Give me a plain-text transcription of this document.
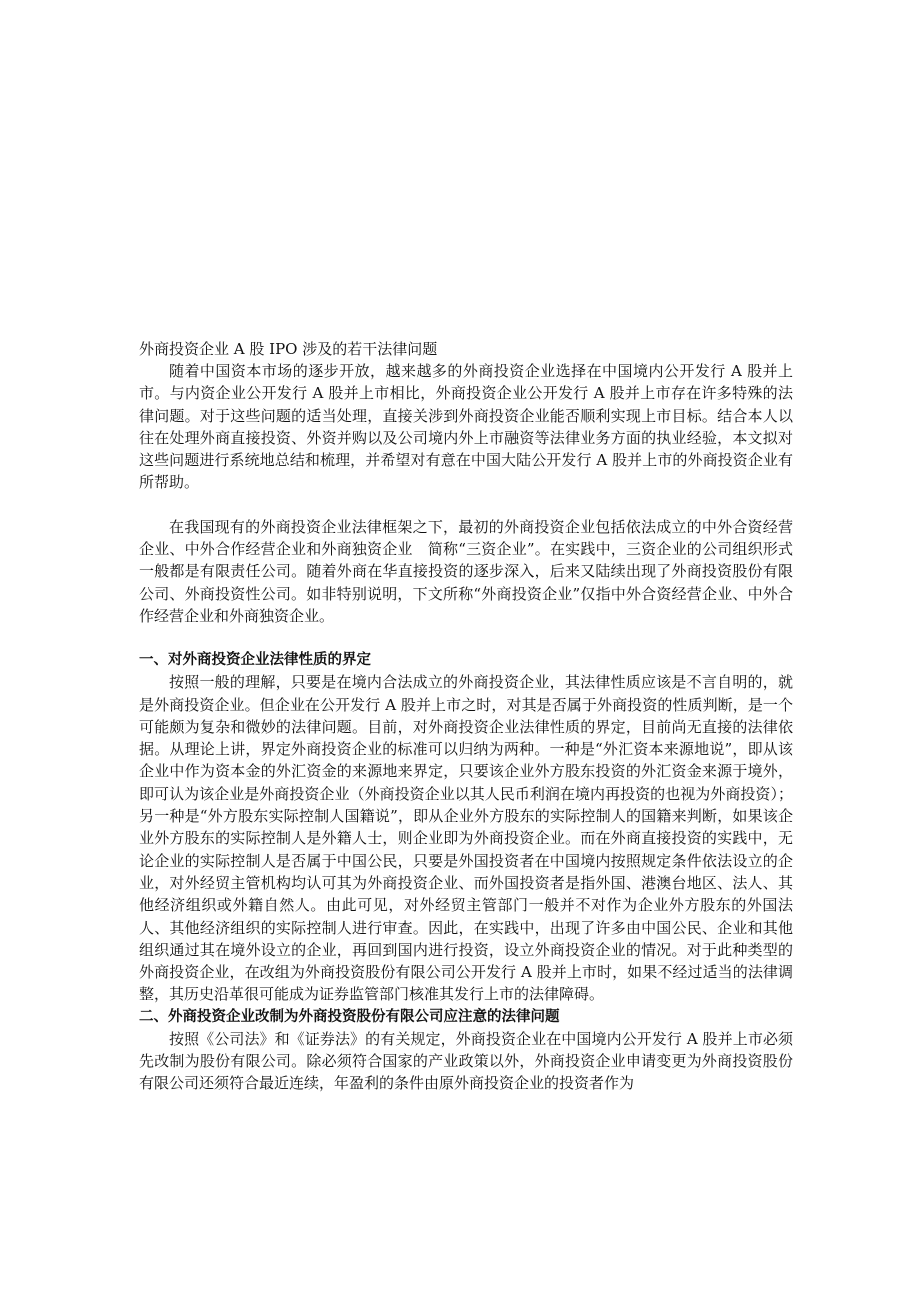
外商投资企业 A 股 IPO 涉及的若干法律问题

随着中国资本市场的逐步开放，越来越多的外商投资企业选择在中国境内公开发行 A 股并上市。与内资企业公开发行 A 股并上市相比，外商投资企业公开发行 A 股并上市存在许多特殊的法律问题。对于这些问题的适当处理，直接关涉到外商投资企业能否顺利实现上市目标。结合本人以往在处理外商直接投资、外资并购以及公司境内外上市融资等法律业务方面的执业经验，本文拟对这些问题进行系统地总结和梳理，并希望对有意在中国大陆公开发行 A 股并上市的外商投资企业有所帮助。

在我国现有的外商投资企业法律框架之下，最初的外商投资企业包括依法成立的中外合资经营企业、中外合作经营企业和外商独资企业　简称“三资企业”。在实践中，三资企业的公司组织形式一般都是有限责任公司。随着外商在华直接投资的逐步深入，后来又陆续出现了外商投资股份有限公司、外商投资性公司。如非特别说明，下文所称“外商投资企业”仅指中外合资经营企业、中外合作经营企业和外商独资企业。

一、对外商投资企业法律性质的界定

按照一般的理解，只要是在境内合法成立的外商投资企业，其法律性质应该是不言自明的，就是外商投资企业。但企业在公开发行 A 股并上市之时，对其是否属于外商投资的性质判断，是一个可能颇为复杂和微妙的法律问题。目前，对外商投资企业法律性质的界定，目前尚无直接的法律依据。从理论上讲，界定外商投资企业的标准可以归纳为两种。一种是“外汇资本来源地说”，即从该企业中作为资本金的外汇资金的来源地来界定，只要该企业外方股东投资的外汇资金来源于境外，即可认为该企业是外商投资企业（外商投资企业以其人民币利润在境内再投资的也视为外商投资）；另一种是“外方股东实际控制人国籍说”，即从企业外方股东的实际控制人的国籍来判断，如果该企业外方股东的实际控制人是外籍人士，则企业即为外商投资企业。而在外商直接投资的实践中，无论企业的实际控制人是否属于中国公民，只要是外国投资者在中国境内按照规定条件依法设立的企业，对外经贸主管机构均认可其为外商投资企业、而外国投资者是指外国、港澳台地区、法人、其他经济组织或外籍自然人。由此可见，对外经贸主管部门一般并不对作为企业外方股东的外国法人、其他经济组织的实际控制人进行审查。因此，在实践中，出现了许多由中国公民、企业和其他组织通过其在境外设立的企业，再回到国内进行投资，设立外商投资企业的情况。对于此种类型的外商投资企业，在改组为外商投资股份有限公司公开发行 A 股并上市时，如果不经过适当的法律调整，其历史沿革很可能成为证券监管部门核准其发行上市的法律障碍。

二、外商投资企业改制为外商投资股份有限公司应注意的法律问题

按照《公司法》和《证券法》的有关规定，外商投资企业在中国境内公开发行 A 股并上市必须先改制为股份有限公司。除必须符合国家的产业政策以外，外商投资企业申请变更为外商投资股份有限公司还须符合最近连续，年盈利的条件由原外商投资企业的投资者作为
